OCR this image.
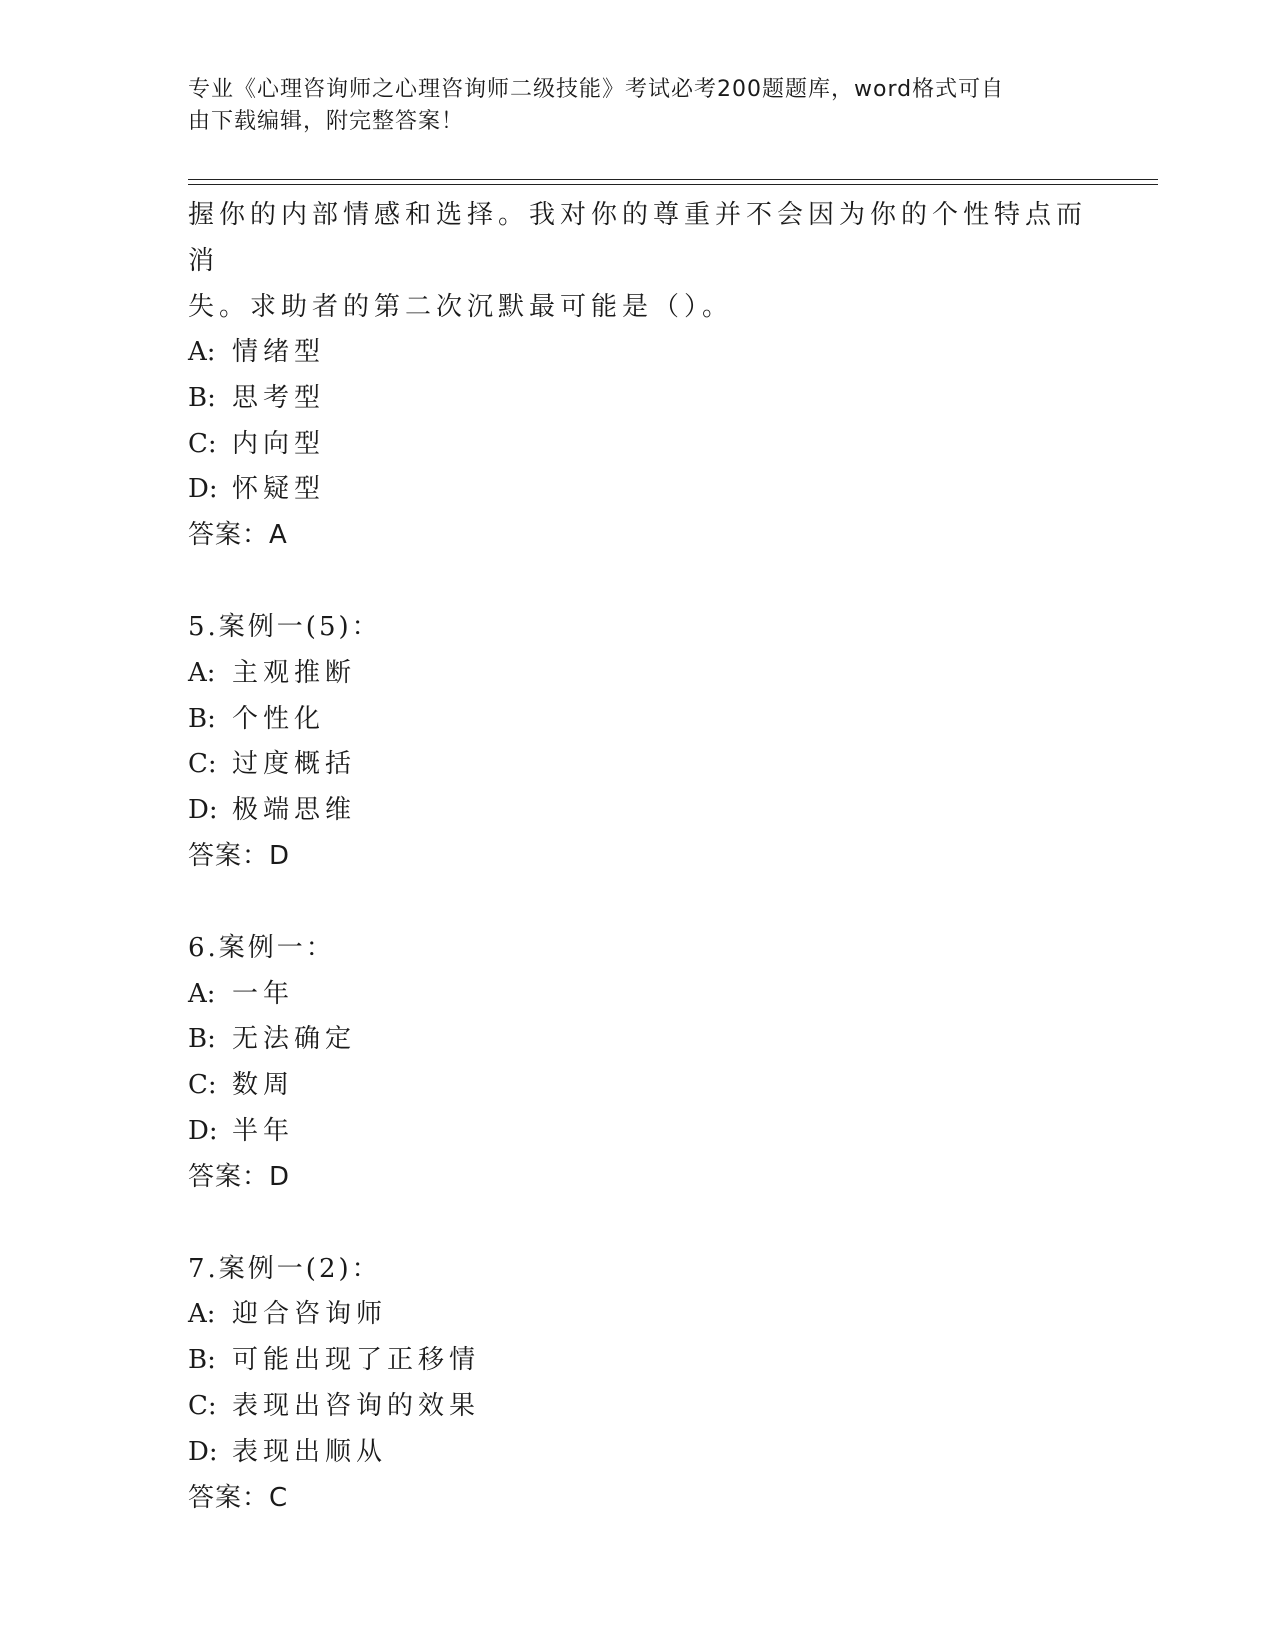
专业《心理咨询师之心理咨询师二级技能》考试必考200题题库，word格式可自
由下载编辑，附完整答案！

握你的内部情感和选择。我对你的尊重并不会因为你的个性特点而消

失。求助者的第二次沉默最可能是（）。

A: 情绪型

B: 思考型

C: 内向型

D: 怀疑型

答案：A

5.案例一(5)：

A: 主观推断

B: 个性化

C: 过度概括

D: 极端思维

答案：D

6.案例一：

A: 一年

B: 无法确定

C: 数周

D: 半年

答案：D

7.案例一(2)：

A: 迎合咨询师

B: 可能出现了正移情

C: 表现出咨询的效果

D: 表现出顺从

答案：C
